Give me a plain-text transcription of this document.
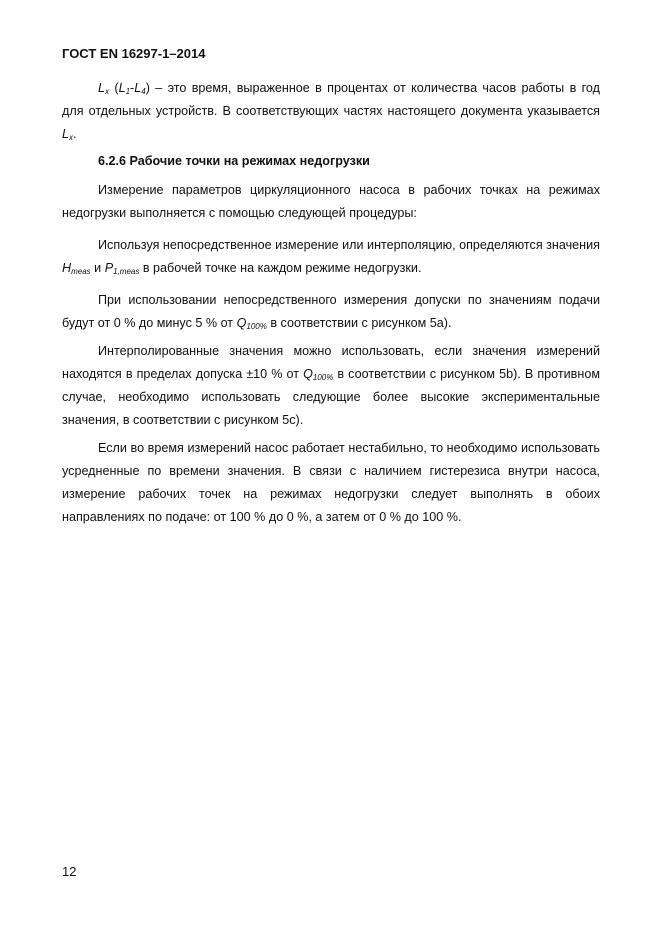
ГОСТ EN 16297-1–2014
$L_x$ $(L_1-L_4)$ – это время, выраженное в процентах от количества часов работы в год для отдельных устройств. В соответствующих частях настоящего документа указывается $L_x$.
6.2.6 Рабочие точки на режимах недогрузки
Измерение параметров циркуляционного насоса в рабочих точках на режимах недогрузки выполняется с помощью следующей процедуры:
Используя непосредственное измерение или интерполяцию, определяются значения $H_{meas}$ и $P_{1,meas}$ в рабочей точке на каждом режиме недогрузки.
При использовании непосредственного измерения допуски по значениям подачи будут от 0 % до минус 5 % от $Q_{100\%}$ в соответствии с рисунком 5a).
Интерполированные значения можно использовать, если значения измерений находятся в пределах допуска ±10 % от $Q_{100\%}$ в соответствии с рисунком 5b). В противном случае, необходимо использовать следующие более высокие экспериментальные значения, в соответствии с рисунком 5c).
Если во время измерений насос работает нестабильно, то необходимо использовать усредненные по времени значения. В связи с наличием гистерезиса внутри насоса, измерение рабочих точек на режимах недогрузки следует выполнять в обоих направлениях по подаче: от 100 % до 0 %, а затем от 0 % до 100 %.
12
